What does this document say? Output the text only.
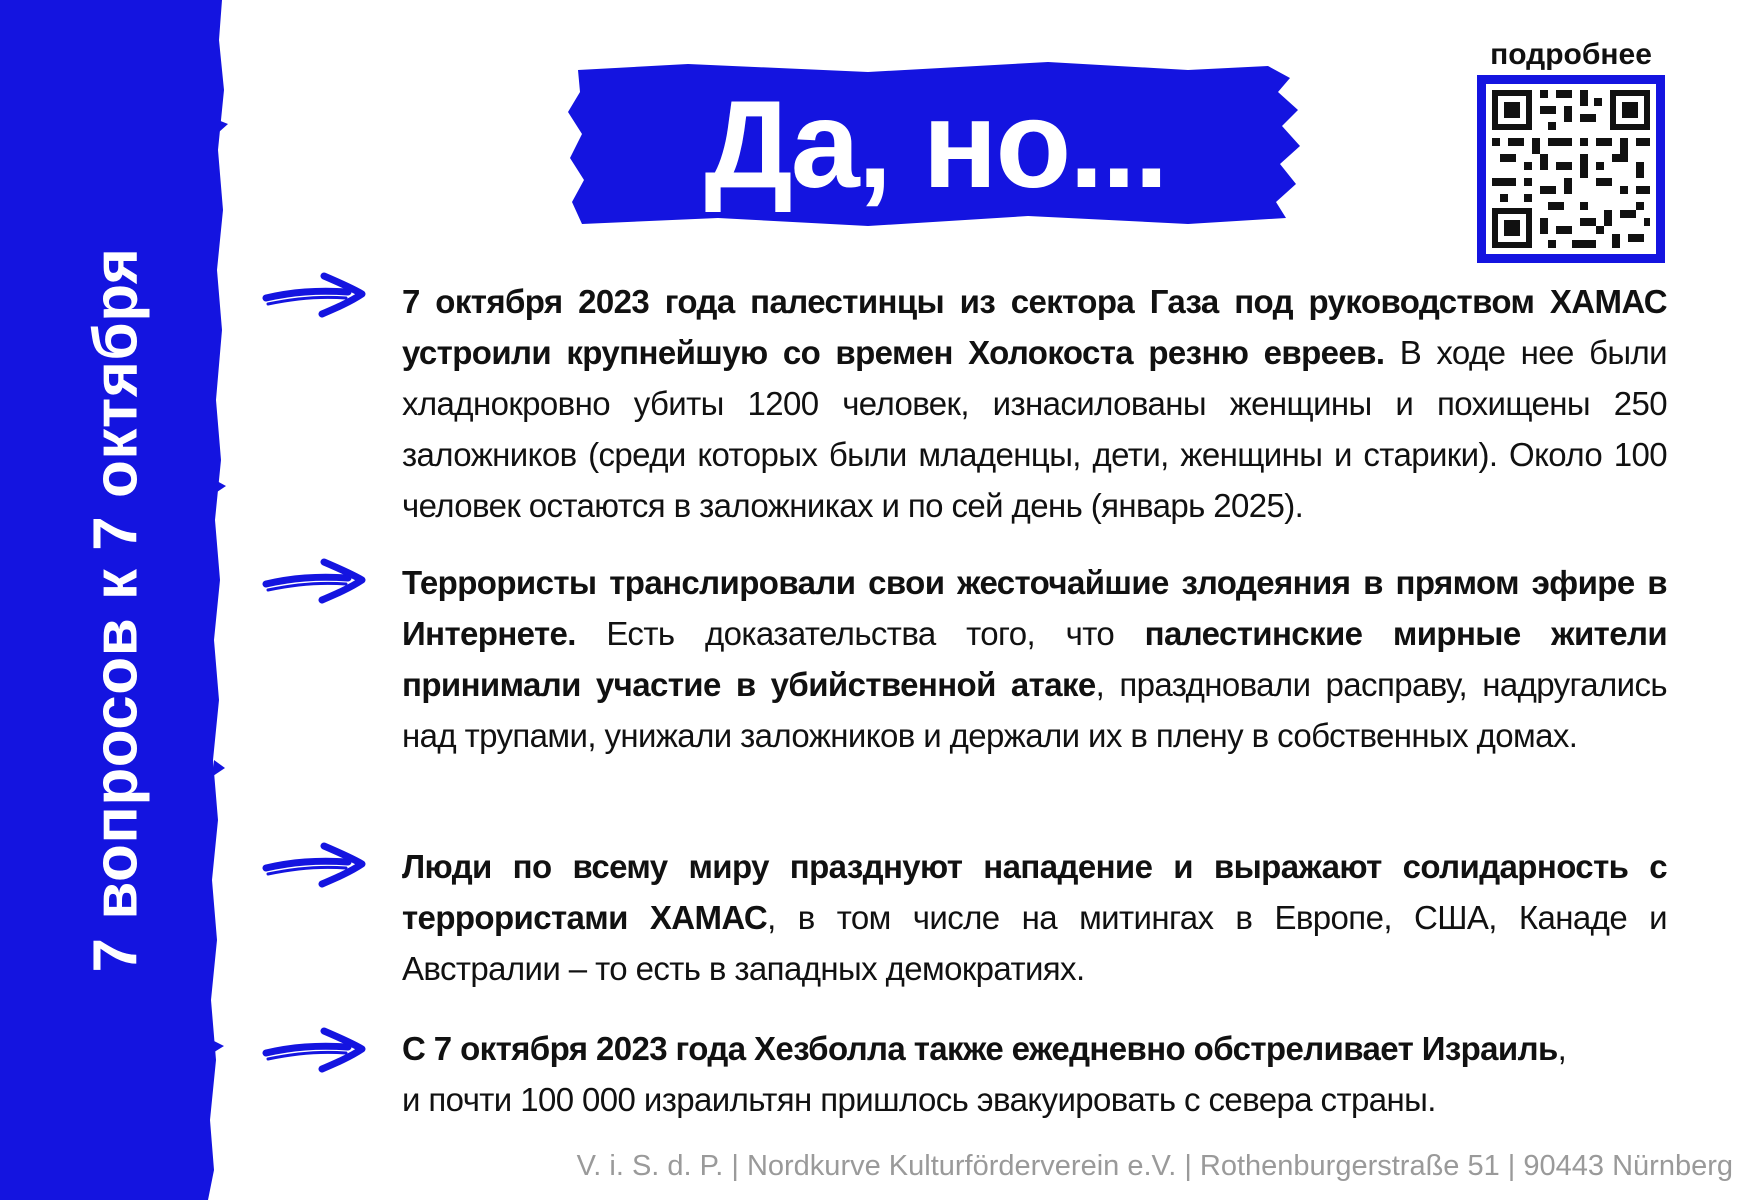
7 вопросов к 7 октября
Да, но...
подробнее
7 октября 2023 года палестинцы из сектора Газа под руководством ХАМАС устроили крупнейшую со времен Холокоста резню евреев. В ходе нее были хладнокровно убиты 1200 человек, изнасилованы женщины и похищены 250 заложников (среди которых были младенцы, дети, женщины и старики). Около 100 человек остаются в заложниках и по сей день (январь 2025).
Террористы транслировали свои жесточайшие злодеяния в прямом эфире в Интернете. Есть доказательства того, что палестинские мирные жители принимали участие в убийственной атаке, праздновали расправу, надругались над трупами, унижали заложников и держали их в плену в собственных домах.
Люди по всему миру празднуют нападение и выражают солидарность с террористами ХАМАС, в том числе на митингах в Европе, США, Канаде и Австралии – то есть в западных демократиях.
С 7 октября 2023 года Хезболла также ежедневно обстреливает Израиль,
и почти 100 000 израильтян пришлось эвакуировать с севера страны.
V. i. S. d. P. | Nordkurve Kulturförderverein e.V. | Rothenburgerstraße 51 | 90443 Nürnberg
